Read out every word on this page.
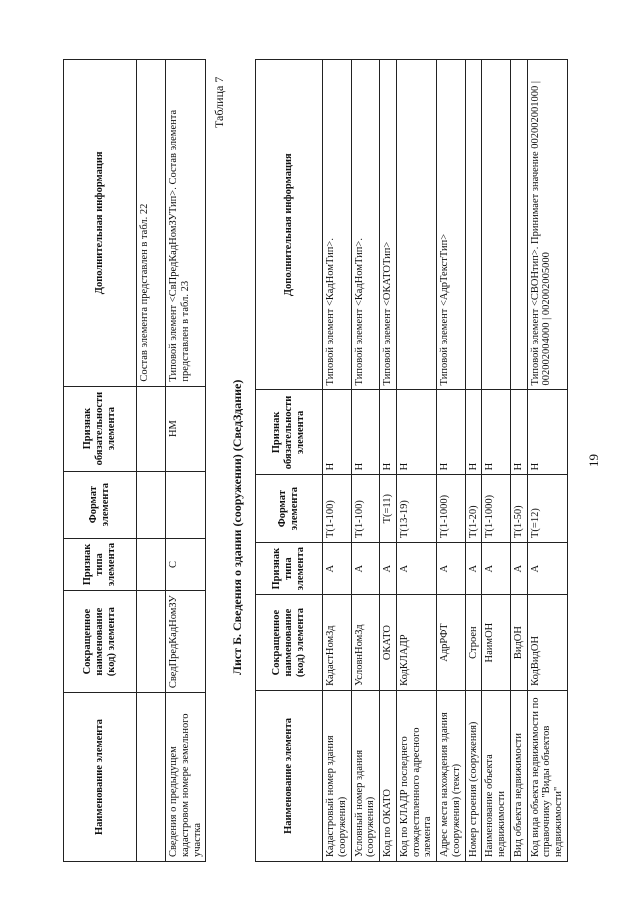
19
Наименование элемента	Сокращенное наименование (код) элемента	Признак типа элемента	Формат элемента	Признак обязательности элемента	Дополнительная информация
					Состав элемента представлен в табл. 22
Сведения о предыдущем кадастровом номере земельного участка	СведПредКадНомЗУ	С		НМ	Типовой элемент <СвПредКадНомЗУТип>. Состав элемента представлен в табл. 23
Таблица 7
Лист Б. Сведения о здании (сооружении) (СведЗдание)
Наименование элемента	Сокращенное наименование (код) элемента	Признак типа элемента	Формат элемента	Признак обязательности элемента	Дополнительная информация
Кадастровый номер здания (сооружения)	КадастНомЗд	А	Т(1-100)	Н	Типовой элемент <КадНомТип>.
Условный номер здания (сооружения)	УсловнНомЗд	А	Т(1-100)	Н	Типовой элемент <КадНомТип>.
Код по ОКАТО	ОКАТО	А	Т(=11)	Н	Типовой элемент <ОКАТОТип>
Код по КЛАДР последнего отождествленного адресного элемента	КодКЛАДР	А	Т(13-19)	Н	
Адрес места нахождения здания (сооружения) (текст)	АдрРФТ	А	Т(1-1000)	Н	Типовой элемент <АдрТекстТип>
Номер строения (сооружения)	Строен	А	Т(1-20)	Н	
Наименование объекта недвижимости	НаимОН	А	Т(1-1000)	Н	
Вид объекта недвижимости	ВидОН	А	Т(1-50)	Н	
Код вида объекта недвижимости по справочнику "Виды объектов недвижимости"	КодВидОН	А	Т(=12)	Н	Типовой элемент <СВОНтип>. Принимает значение 002002001000 | 002002004000 | 002002005000
